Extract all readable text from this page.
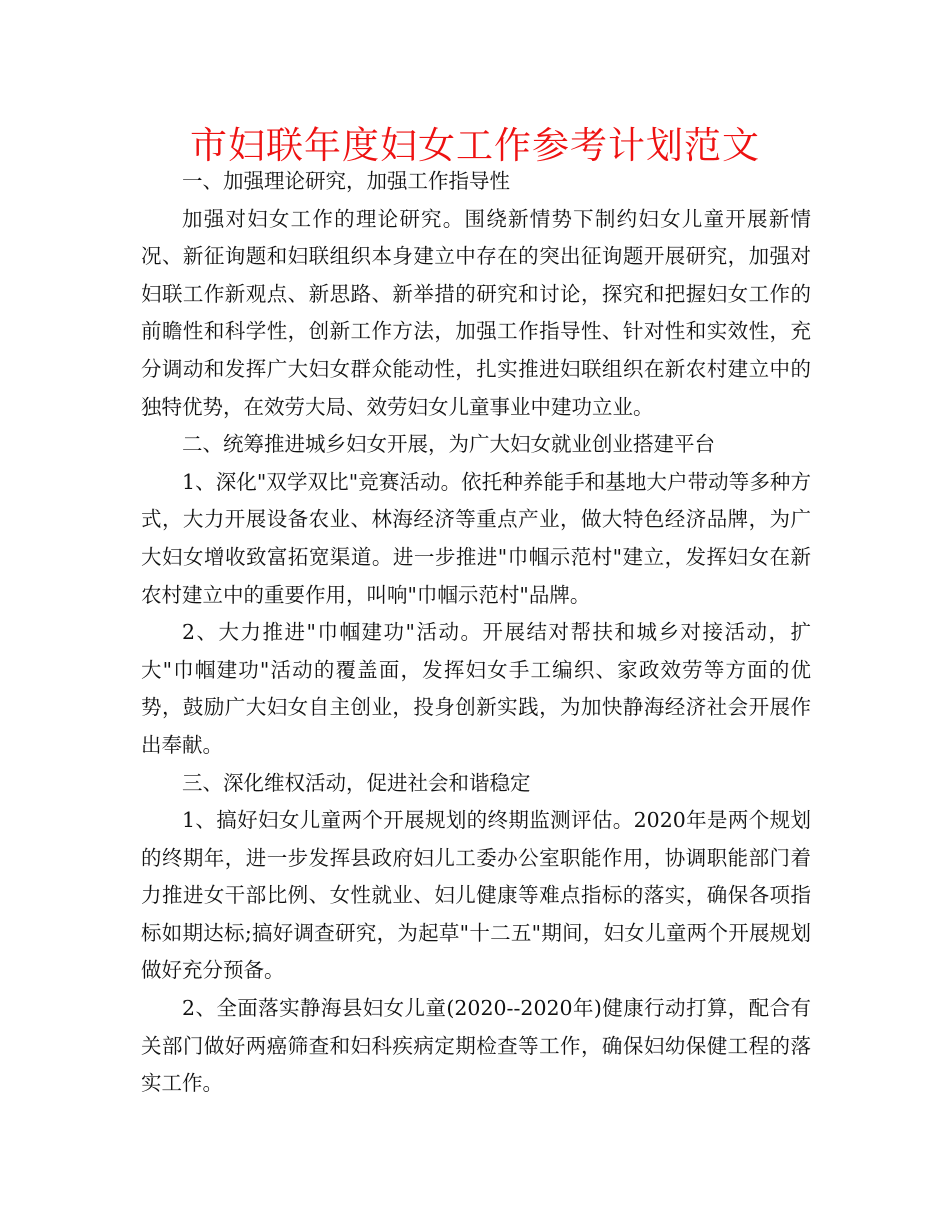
市妇联年度妇女工作参考计划范文

一、加强理论研究，加强工作指导性

加强对妇女工作的理论研究。围绕新情势下制约妇女儿童开展新情况、新征询题和妇联组织本身建立中存在的突出征询题开展研究，加强对妇联工作新观点、新思路、新举措的研究和讨论，探究和把握妇女工作的前瞻性和科学性，创新工作方法，加强工作指导性、针对性和实效性，充分调动和发挥广大妇女群众能动性，扎实推进妇联组织在新农村建立中的独特优势，在效劳大局、效劳妇女儿童事业中建功立业。

二、统筹推进城乡妇女开展，为广大妇女就业创业搭建平台

1、深化"双学双比"竞赛活动。依托种养能手和基地大户带动等多种方式，大力开展设备农业、林海经济等重点产业，做大特色经济品牌，为广大妇女增收致富拓宽渠道。进一步推进"巾帼示范村"建立，发挥妇女在新农村建立中的重要作用，叫响"巾帼示范村"品牌。

2、大力推进"巾帼建功"活动。开展结对帮扶和城乡对接活动，扩大"巾帼建功"活动的覆盖面，发挥妇女手工编织、家政效劳等方面的优势，鼓励广大妇女自主创业，投身创新实践，为加快静海经济社会开展作出奉献。

三、深化维权活动，促进社会和谐稳定

1、搞好妇女儿童两个开展规划的终期监测评估。2020年是两个规划的终期年，进一步发挥县政府妇儿工委办公室职能作用，协调职能部门着力推进女干部比例、女性就业、妇儿健康等难点指标的落实，确保各项指标如期达标;搞好调查研究，为起草"十二五"期间，妇女儿童两个开展规划做好充分预备。

2、全面落实静海县妇女儿童(2020--2020年)健康行动打算，配合有关部门做好两癌筛查和妇科疾病定期检查等工作，确保妇幼保健工程的落实工作。
